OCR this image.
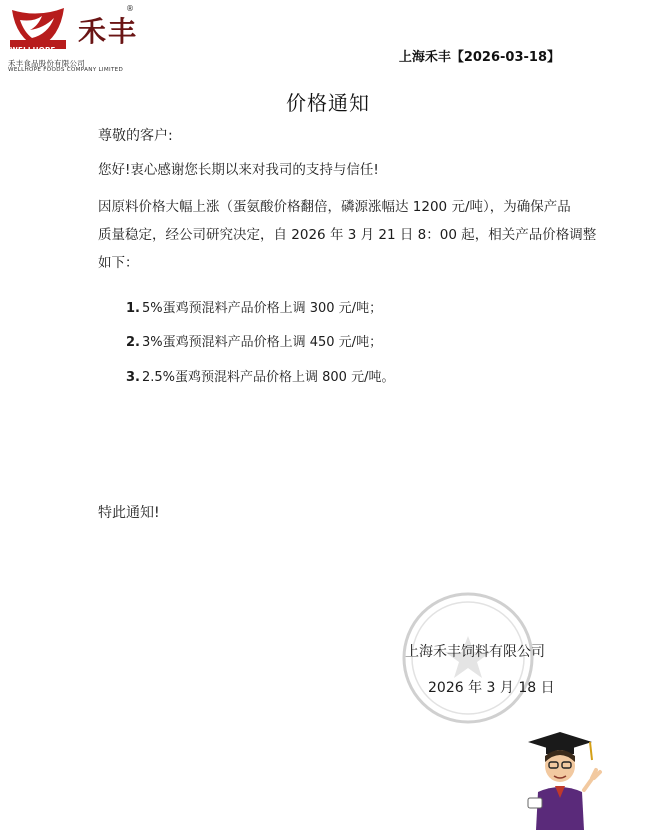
禾丰
®
WELLHOPE
禾丰食品股份有限公司
WELLHOPE FOODS COMPANY LIMITED
上海禾丰【2026-03-18】
价格通知
尊敬的客户:
您好!衷心感谢您长期以来对我司的支持与信任!
因原料价格大幅上涨（蛋氨酸价格翻倍，磷源涨幅达 1200 元/吨），为确保产品
质量稳定，经公司研究决定，自 2026 年 3 月 21 日 8：00 起，相关产品价格调整
如下：
1. 5%蛋鸡预混料产品价格上调 300 元/吨；
2. 3%蛋鸡预混料产品价格上调 450 元/吨；
3. 2.5%蛋鸡预混料产品价格上调 800 元/吨。
特此通知!
上海禾丰饲料有限公司
2026 年 3 月 18 日
